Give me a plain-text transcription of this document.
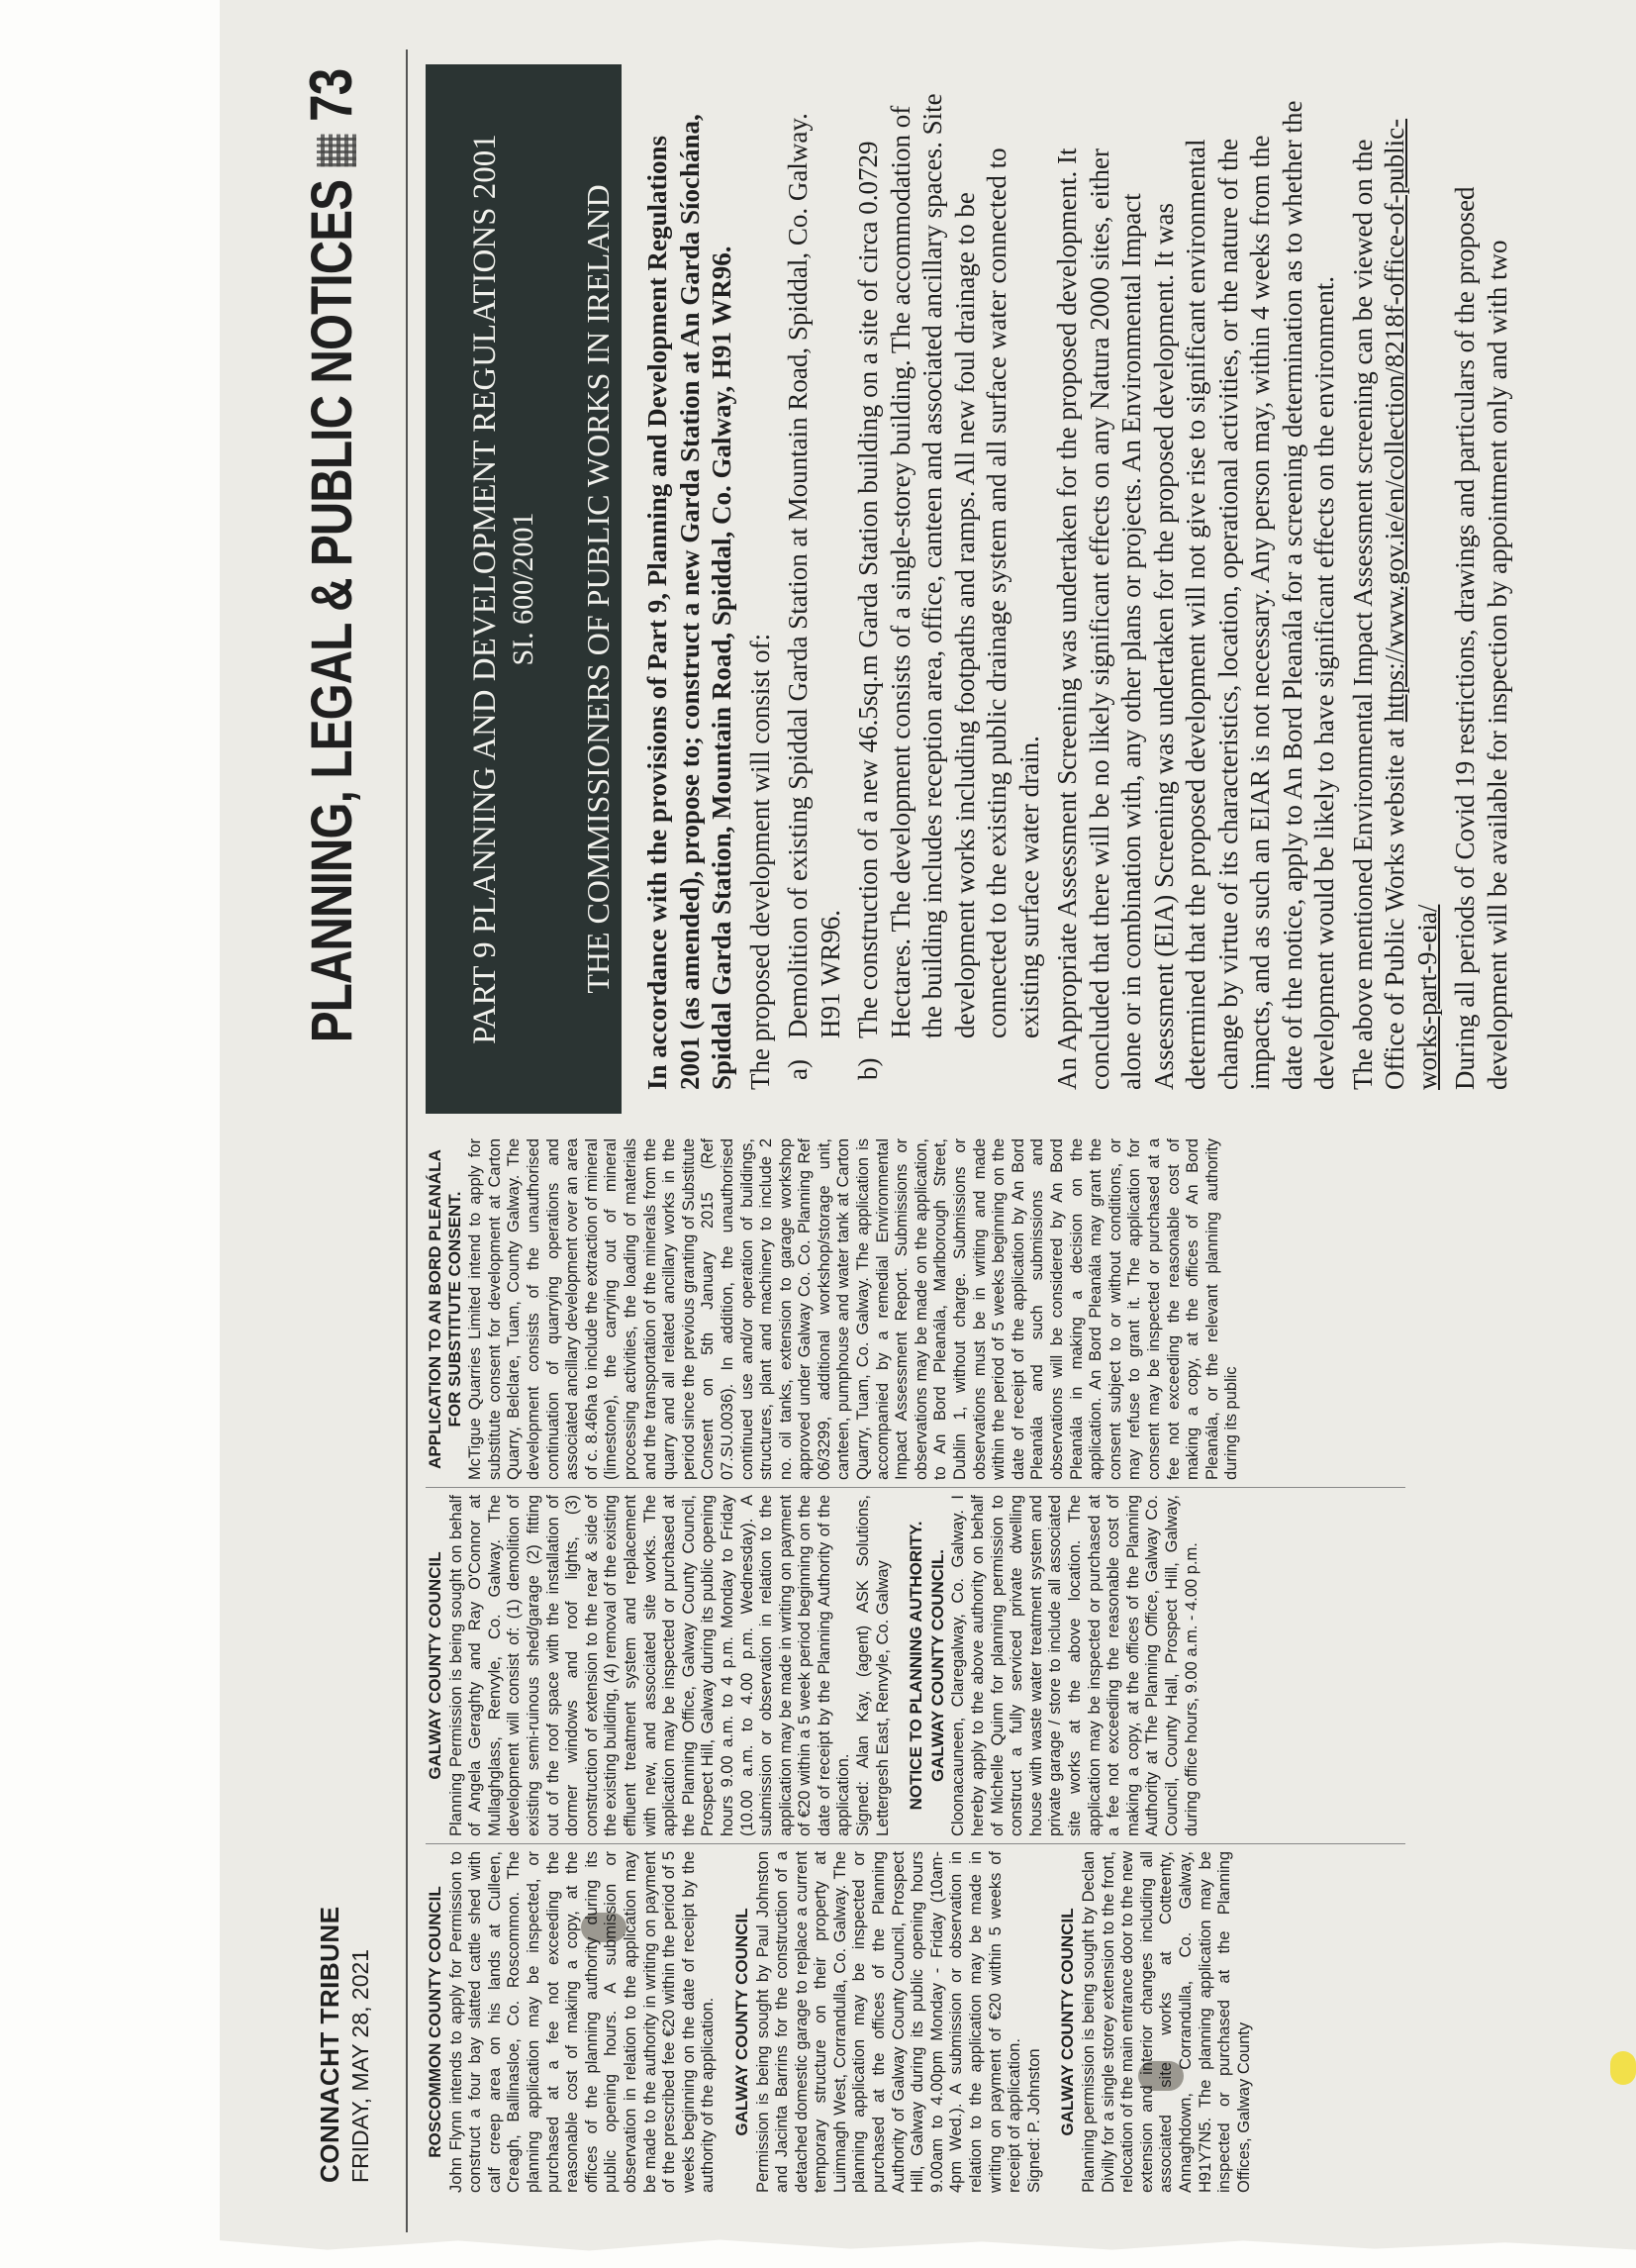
CONNACHT TRIBUNE FRIDAY, MAY 28, 2021
PLANNING, LEGAL & PUBLIC NOTICES73
ROSCOMMON COUNTY COUNCIL John Flynn intends to apply for Permission to construct a four bay slatted cattle shed with calf creep area on his lands at Culleen, Creagh, Ballinasloe, Co. Roscommon. The planning application may be inspected, or purchased at a fee not exceeding the reasonable cost of making a copy, at the offices of the planning authority during its public opening hours. A submission or observation in relation to the application may be made to the authority in writing on payment of the prescribed fee €20 within the period of 5 weeks beginning on the date of receipt by the authority of the application. GALWAY COUNTY COUNCIL Permission is being sought by Paul Johnston and Jacinta Barrins for the construction of a detached domestic garage to replace a current temporary structure on their property at Luimnagh West, Corrandulla, Co. Galway. The planning application may be inspected or purchased at the offices of the Planning Authority of Galway County Council, Prospect Hill, Galway during its public opening hours 9.00am to 4.00pm Monday - Friday (10am-4pm Wed.). A submission or observation in relation to the application may be made in writing on payment of €20 within 5 weeks of receipt of application. Signed: P. Johnston GALWAY COUNTY COUNCIL Planning permission is being sought by Declan Divilly for a single storey extension to the front, relocation of the main entrance door to the new extension and interior changes including all associated site works at Cotteenty, Annaghdown, Corrandulla, Co. Galway, H91Y7N5. The planning application may be inspected or purchased at the Planning Offices, Galway County
GALWAY COUNTY COUNCIL Planning Permission is being sought on behalf of Angela Geraghty and Ray O'Connor at Mullaghglass, Renvyle, Co. Galway. The development will consist of: (1) demolition of existing semi-ruinous shed/garage (2) fitting out of the roof space with the installation of dormer windows and roof lights, (3) construction of extension to the rear & side of the existing building, (4) removal of the existing effluent treatment system and replacement with new, and associated site works. The application may be inspected or purchased at the Planning Office, Galway County Council, Prospect Hill, Galway during its public opening hours 9.00 a.m. to 4 p.m. Monday to Friday (10.00 a.m. to 4.00 p.m. Wednesday). A submission or observation in relation to the application may be made in writing on payment of €20 within a 5 week period beginning on the date of receipt by the Planning Authority of the application. Signed: Alan Kay, (agent) ASK Solutions, Lettergesh East, Renvyle, Co. Galway NOTICE TO PLANNING AUTHORITY. GALWAY COUNTY COUNCIL. Cloonacauneen, Claregalway, Co. Galway. I hereby apply to the above authority on behalf of Michelle Quinn for planning permission to construct a fully serviced private dwelling house with waste water treatment system and private garage / store to include all associated site works at the above location. The application may be inspected or purchased at a fee not exceeding the reasonable cost of making a copy, at the offices of the Planning Authority at The Planning Office, Galway Co. Council, County Hall, Prospect Hill, Galway, during office hours, 9.00 a.m. - 4.00 p.m.
APPLICATION TO AN BORD PLEANÁLA FOR SUBSTITUTE CONSENT. McTigue Quarries Limited intend to apply for substitute consent for development at Carton Quarry, Belclare, Tuam, County Galway. The development consists of the unauthorised continuation of quarrying operations and associated ancillary development over an area of c. 8.46ha to include the extraction of mineral (limestone), the carrying out of mineral processing activities, the loading of materials and the transportation of the minerals from the quarry and all related ancillary works in the period since the previous granting of Substitute Consent on 5th January 2015 (Ref 07.SU.0036). In addition, the unauthorised continued use and/or operation of buildings, structures, plant and machinery to include 2 no. oil tanks, extension to garage workshop approved under Galway Co. Co. Planning Ref 06/3299, additional workshop/storage unit, canteen, pumphouse and water tank at Carton Quarry, Tuam, Co. Galway. The application is accompanied by a remedial Environmental Impact Assessment Report. Submissions or observations may be made on the application, to An Bord Pleanála, Marlborough Street, Dublin 1, without charge. Submissions or observations must be in writing and made within the period of 5 weeks beginning on the date of receipt of the application by An Bord Pleanála and such submissions and observations will be considered by An Bord Pleanála in making a decision on the application. An Bord Pleanála may grant the consent subject to or without conditions, or may refuse to grant it. The application for consent may be inspected or purchased at a fee not exceeding the reasonable cost of making a copy, at the offices of An Bord Pleanála, or the relevant planning authority during its public
PART 9 PLANNING AND DEVELOPMENT REGULATIONS 2001 SI. 600/2001 THE COMMISSIONERS OF PUBLIC WORKS IN IRELAND In accordance with the provisions of Part 9, Planning and Development Regulations 2001 (as amended), propose to; construct a new Garda Station at An Garda Síochána, Spiddal Garda Station, Mountain Road, Spiddal, Co. Galway, H91 WR96. The proposed development will consist of: a)
Demolition of existing Spiddal Garda Station at Mountain Road, Spiddal, Co. Galway. H91 WR96.
b)
The construction of a new 46.5sq.m Garda Station building on a site of circa 0.0729 Hectares. The development consists of a single-storey building. The accommodation of the building includes reception area, office, canteen and associated ancillary spaces. Site development works including footpaths and ramps. All new foul drainage to be connected to the existing public drainage system and all surface water connected to existing surface water drain. An Appropriate Assessment Screening was undertaken for the proposed development. It concluded that there will be no likely significant effects on any Natura 2000 sites, either alone or in combination with, any other plans or projects. An Environmental Impact Assessment (EIA) Screening was undertaken for the proposed development. It was determined that the proposed development will not give rise to significant environmental change by virtue of its characteristics, location, operational activities, or the nature of the impacts, and as such an EIAR is not necessary. Any person may, within 4 weeks from the date of the notice, apply to An Bord Pleanála for a screening determination as to whether the development would be likely to have significant effects on the environment. The above mentioned Environmental Impact Assessment screening can be viewed on the Office of Public Works website at https://www.gov.ie/en/collection/8218f-office-of-public-works-part-9-eia/ During all periods of Covid 19 restrictions, drawings and particulars of the proposed development will be available for inspection by appointment only and with two
